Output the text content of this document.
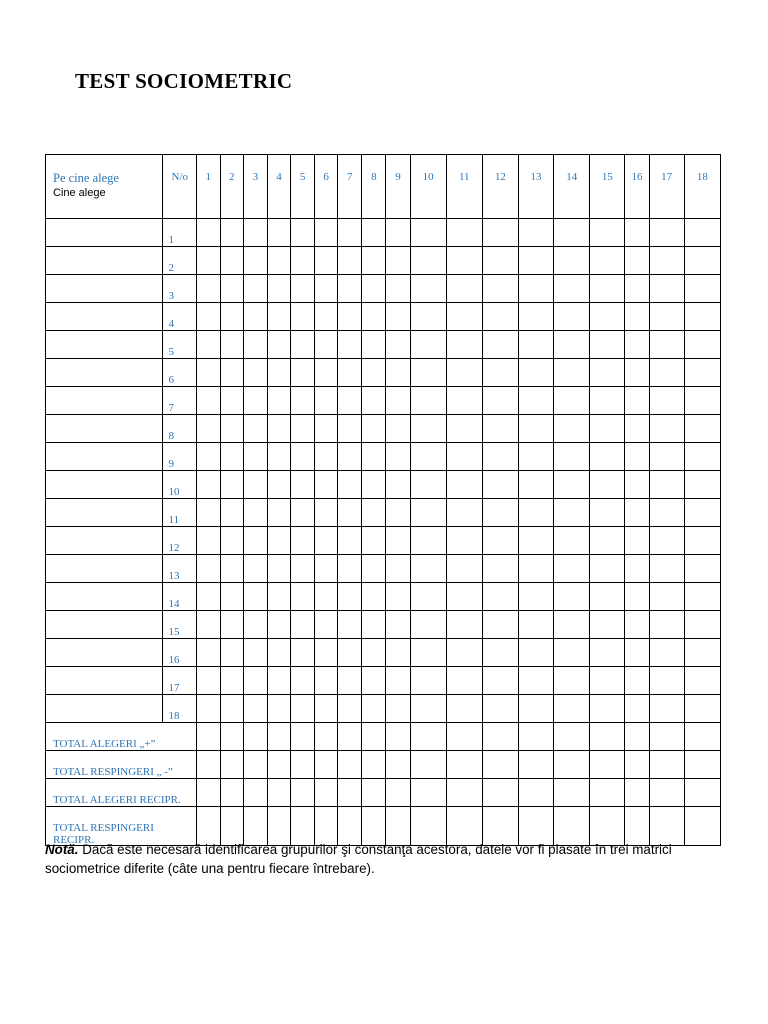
TEST SOCIOMETRIC
Pe cine alege
Cine alege	N/o	1	2	3	4	5	6	7	8	9	10	11	12	13	14	15	16	17	18

	1																		

	2																		

	3																		

	4																		

	5																		

	6																		

	7																		

	8																		

	9																		

	10																		

	11																		

	12																		

	13																		

	14																		

	15																		

	16																		

	17																		

	18																		

TOTAL ALEGERI „+”																			

TOTAL RESPINGERI „ -”																			

TOTAL ALEGERI RECIPR.																			

TOTAL RESPINGERI RECIPR.																			

Notă. Dacă este necesară identificarea grupurilor şi constanţa acestora, datele vor fi plasate în trei matrici sociometrice diferite (câte una pentru fiecare întrebare).
